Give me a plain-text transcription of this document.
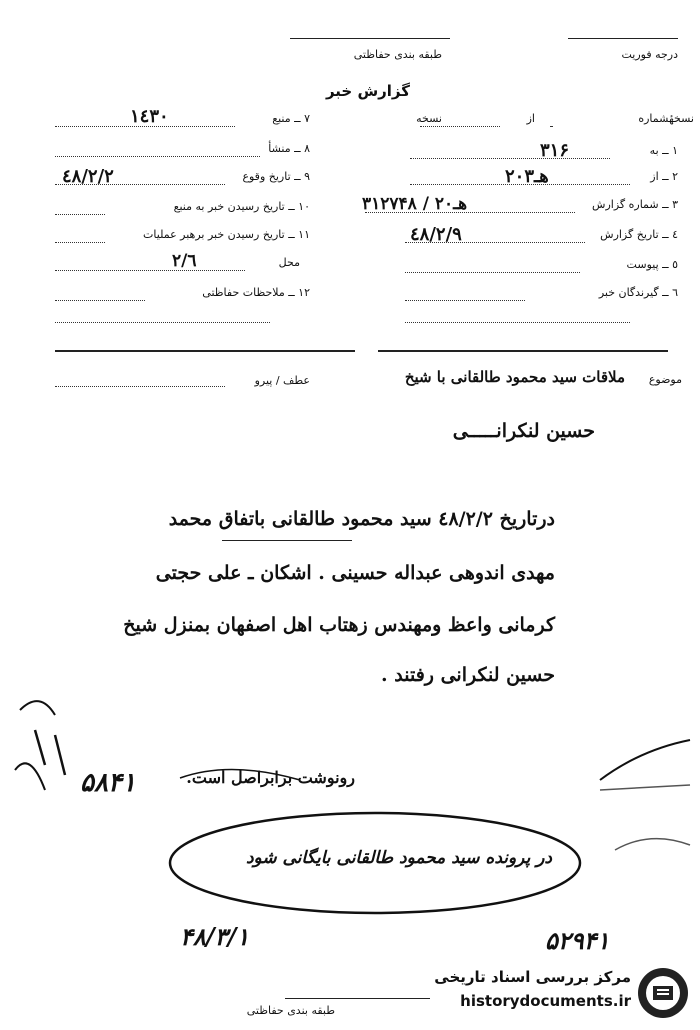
درجه فوریت
طبقه بندی حفاظتی
گزارش خبر
نسخهٔشماره
از
نسخه
۱ ــ به
۳۱۶
۲ ــ از
۲۰هـ۳
۳ ــ شماره گزارش
۳هـ۲۰ / ۱۲۷۴۸
٤ ــ تاریخ گزارش
٤۸/۲/۹
٥ ــ پیوست
٦ ــ گیرندگان خبر
۷ ــ منبع
۱٤۳۰
۸ ــ منشأ
۹ ــ تاریخ وقوع
٤۸/۲/۲
۱۰ ــ تاریخ رسیدن خبر به منبع
۱۱ ــ تاریخ رسیدن خبر برهبر عملیات
محل
۲/٦
۱۲ ــ ملاحظات حفاظتی
موضوع
ملاقات سید محمود طالقانی با شیخ
عطف / پیرو
حسین لنکرانـــــی
درتاریخ ٤۸/۲/۲ سید محمود طالقانی باتفاق محمد
مهدی اندوهی عبداله حسینی . اشکان ـ علی حجتی
کرمانی واعظ ومهندس زهتاب اهل اصفهان بمنزل شیخ
حسین لنکرانی رفتند .
رونوشت برابراصل است.
۵۸۴۱
در پرونده سید محمود طالقانی بایگانی شود
۴۸/۳/۱	۵۲۹۴۱
مرکز بررسی اسناد تاریخی
historydocuments.ir
طبقه بندی حفاظتی
